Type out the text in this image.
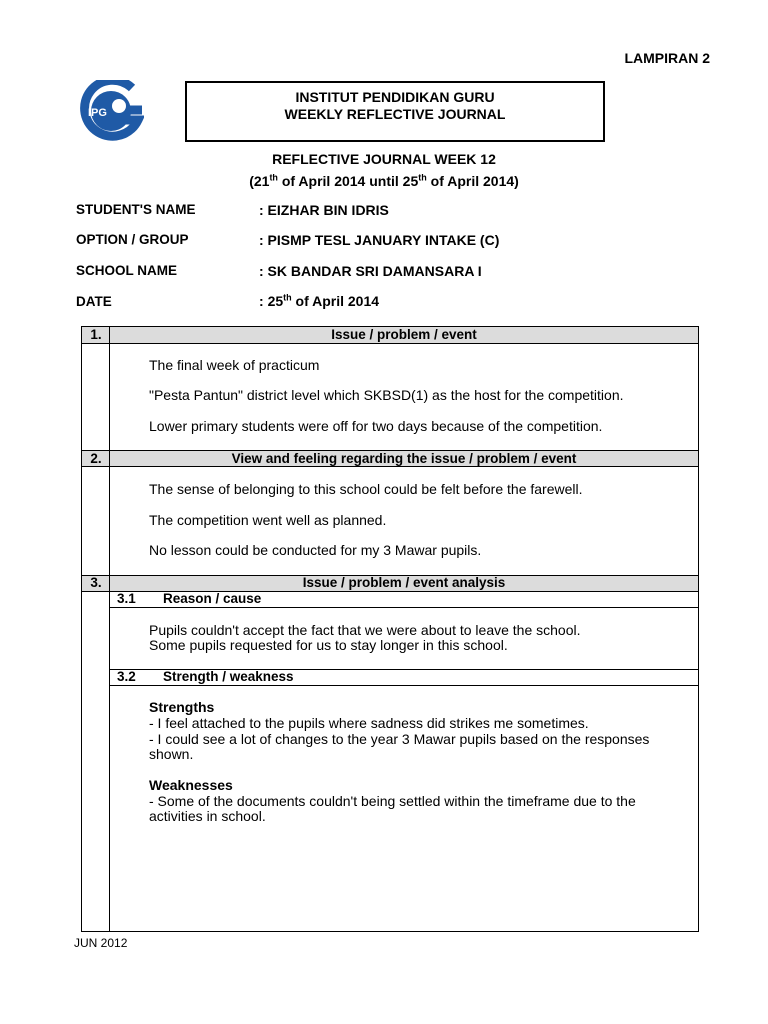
LAMPIRAN 2
IPG
INSTITUT PENDIDIKAN GURU
WEEKLY REFLECTIVE JOURNAL
REFLECTIVE JOURNAL WEEK 12
(21th of April 2014 until 25th of April 2014)
STUDENT'S NAME	: EIZHAR BIN IDRIS
OPTION / GROUP	: PISMP TESL JANUARY INTAKE (C)
SCHOOL NAME	: SK BANDAR SRI DAMANSARA I
DATE	: 25th of April 2014
1.	Issue / problem / event
The final week of practicum
"Pesta Pantun" district level which SKBSD(1) as the host for the competition.
Lower primary students were off for two days because of the competition.
2.	View and feeling regarding the issue / problem / event
The sense of belonging to this school could be felt before the farewell.
The competition went well as planned.
No lesson could be conducted for my 3 Mawar pupils.
3.	Issue / problem / event analysis
3.1 Reason / cause
Pupils couldn't accept the fact that we were about to leave the school.
Some pupils requested for us to stay longer in this school.
3.2 Strength / weakness
Strengths
- I feel attached to the pupils where sadness did strikes me sometimes.
- I could see a lot of changes to the year 3 Mawar pupils based on the responses
shown.
Weaknesses
- Some of the documents couldn't being settled within the timeframe due to the
activities in school.
JUN 2012
